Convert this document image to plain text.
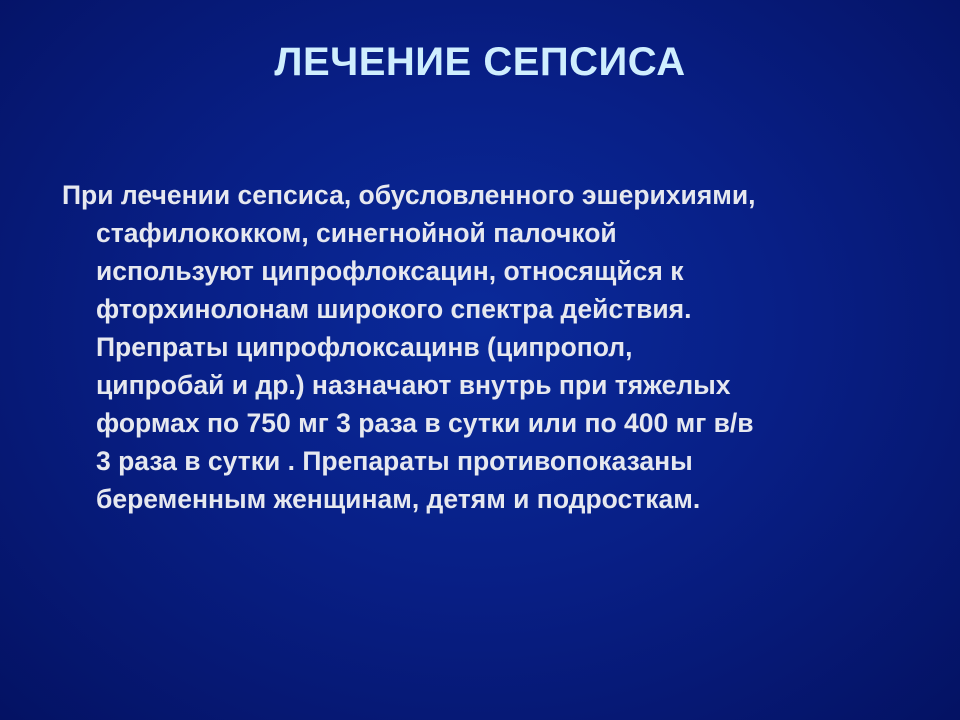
ЛЕЧЕНИЕ СЕПСИСА
При лечении сепсиса, обусловленного эшерихиями,
стафилококком, синегнойной палочкой
используют ципрофлоксацин, относящйся к
фторхинолонам широкого спектра действия.
Препраты ципрофлоксацинв (ципропол,
ципробай и др.) назначают внутрь при тяжелых
формах по 750 мг 3 раза в сутки или по 400 мг в/в
3 раза в сутки . Препараты противопоказаны
беременным женщинам, детям и подросткам.
